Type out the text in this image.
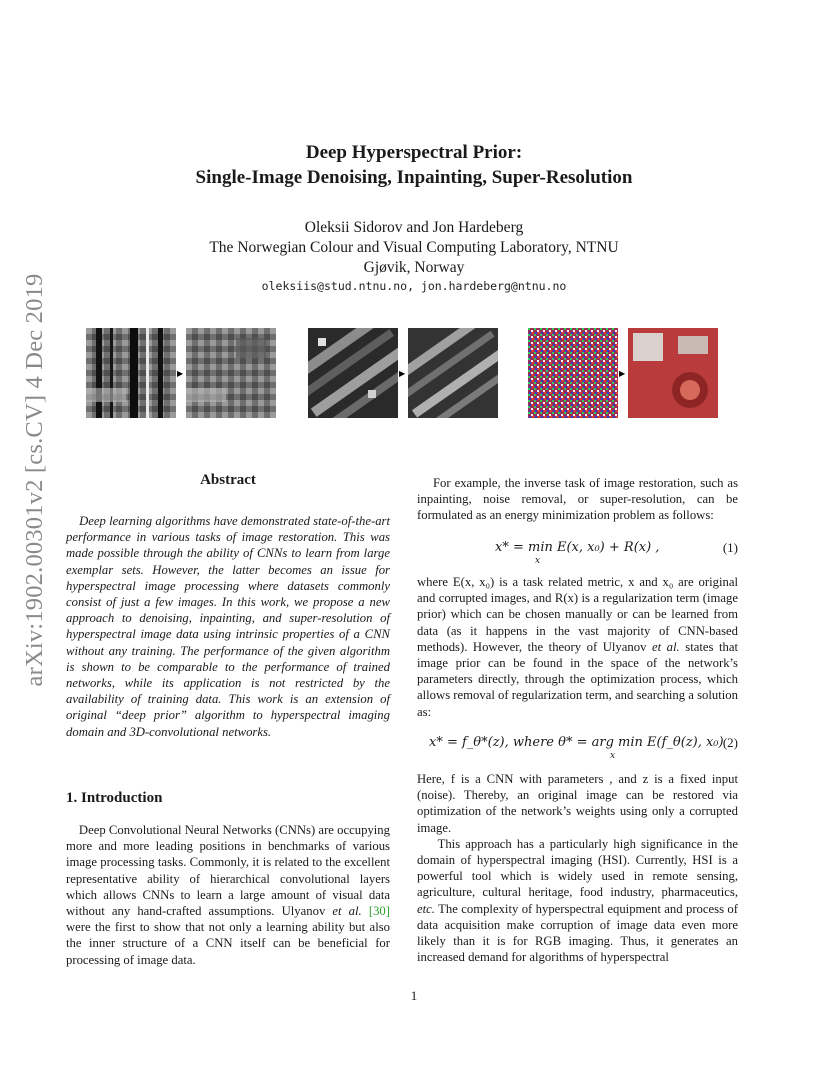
arXiv:1902.00301v2 [cs.CV] 4 Dec 2019
Deep Hyperspectral Prior:
Single-Image Denoising, Inpainting, Super-Resolution
Oleksii Sidorov and Jon Hardeberg
The Norwegian Colour and Visual Computing Laboratory, NTNU
Gjøvik, Norway
oleksiis@stud.ntnu.no, jon.hardeberg@ntnu.no
▶	▶	▶
Abstract

Deep learning algorithms have demonstrated state-of-the-art performance in various tasks of image restoration. This was made possible through the ability of CNNs to learn from large exemplar sets. However, the latter becomes an issue for hyperspectral image processing where datasets commonly consist of just a few images. In this work, we propose a new approach to denoising, inpainting, and super-resolution of hyperspectral image data using intrinsic properties of a CNN without any training. The performance of the given algorithm is shown to be comparable to the performance of trained networks, while its application is not restricted by the availability of training data. This work is an extension of original “deep prior” algorithm to hyperspectral imaging domain and 3D-convolutional networks.

1. Introduction

Deep Convolutional Neural Networks (CNNs) are occupying more and more leading positions in benchmarks of various image processing tasks. Commonly, it is related to the excellent representative ability of hierarchical convolutional layers which allows CNNs to learn a large amount of visual data without any hand-crafted assumptions. Ulyanov et al. [30] were the first to show that not only a learning ability but also the inner structure of a CNN itself can be beneficial for processing of image data.

For example, the inverse task of image restoration, such as inpainting, noise removal, or super-resolution, can be formulated as an energy minimization problem as follows:

x* = min E(x, x₀) + R(x) ,
x
(1)

where E(x, x₀) is a task related metric, x and x₀ are original and corrupted images, and R(x) is a regularization term (image prior) which can be chosen manually or can be learned from data (as it happens in the vast majority of CNN-based methods). However, the theory of Ulyanov et al. states that image prior can be found in the space of the network’s parameters directly, through the optimization process, which allows removal of regularization term, and searching a solution as:

x* = f_θ*(z), where θ* = arg min E(f_θ(z), x₀)
x
(2)

Here, f is a CNN with parameters , and z is a fixed input (noise). Thereby, an original image can be restored via optimization of the network’s weights using only a corrupted image.

This approach has a particularly high significance in the domain of hyperspectral imaging (HSI). Currently, HSI is a powerful tool which is widely used in remote sensing, agriculture, cultural heritage, food industry, pharmaceutics, etc. The complexity of hyperspectral equipment and process of data acquisition make corruption of image data even more likely than it is for RGB imaging. Thus, it generates an increased demand for algorithms of hyperspectral

1
